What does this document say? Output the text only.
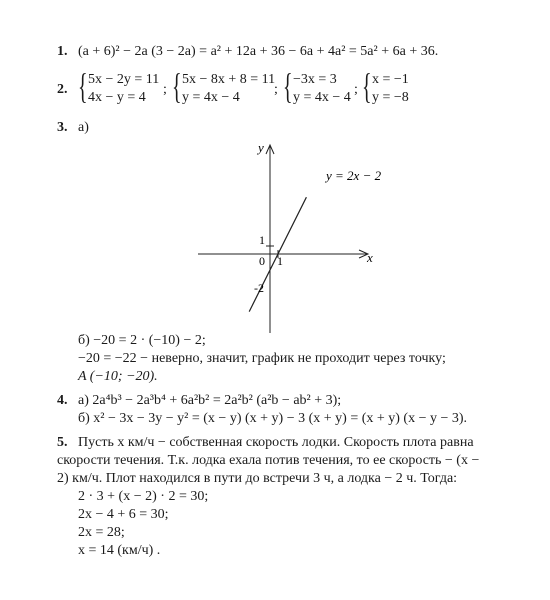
1. (a + 6)² − 2a (3 − 2a) = a² + 12a + 36 − 6a + 4a² = 5a² + 6a + 36.
2. { 5x − 2y = 11
4x − y = 4
; { 5x − 8x + 8 = 11
y = 4x − 4
; { −3x = 3
y = 4x − 4
; { x = −1
y = −8
3. а)
y
x
0 1
1
-2
y = 2x − 2
б) −20 = 2 · (−10) − 2;
−20 = −22 − неверно, значит, график не проходит через точку;
A (−10; −20).
4. а) 2a⁴b³ − 2a³b⁴ + 6a²b² = 2a²b² (a²b − ab² + 3);
б) x² − 3x − 3y − y² = (x − y) (x + y) − 3 (x + y) = (x + y) (x − y − 3).
5. Пусть x км/ч − собственная скорость лодки. Скорость плота равна
скорости течения. Т.к. лодка ехала потив течения, то ее скорость − (x −
2) км/ч. Плот находился в пути до встречи 3 ч, а лодка − 2 ч. Тогда:
2 · 3 + (x − 2) · 2 = 30;
2x − 4 + 6 = 30;
2x = 28;
x = 14 (км/ч) .
